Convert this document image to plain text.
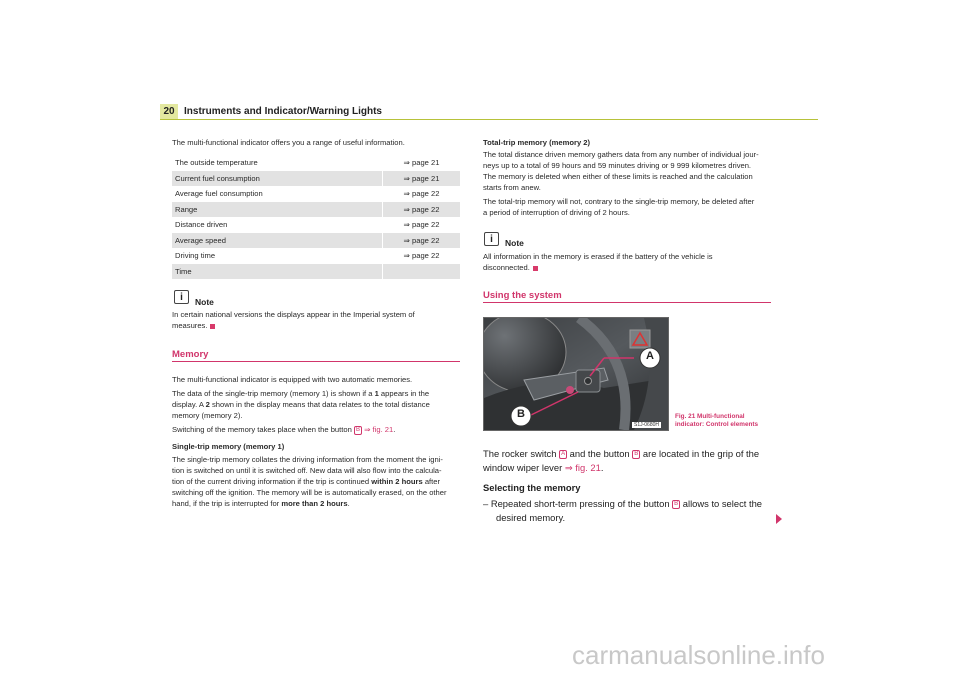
20 Instruments and Indicator/Warning Lights
The multi-functional indicator offers you a range of useful information.
The outside temperature	⇒ page 21
Current fuel consumption	⇒ page 21
Average fuel consumption	⇒ page 22
Range	⇒ page 22
Distance driven	⇒ page 22
Average speed	⇒ page 22
Driving time	⇒ page 22
Time
i	Note
In certain national versions the displays appear in the Imperial system of
measures.
Memory
The multi-functional indicator is equipped with two automatic memories.
The data of the single-trip memory (memory 1) is shown if a 1 appears in the
display. A 2 shown in the display means that data relates to the total distance
memory (memory 2).
Switching of the memory takes place when the button B ⇒ fig. 21.
Single-trip memory (memory 1)
The single-trip memory collates the driving information from the moment the igni-
tion is switched on until it is switched off. New data will also flow into the calcula-
tion of the current driving information if the trip is continued within 2 hours after
switching off the ignition. The memory will be is automatically erased, on the other
hand, if the trip is interrupted for more than 2 hours.
Total-trip memory (memory 2)
The total distance driven memory gathers data from any number of individual jour-
neys up to a total of 99 hours and 59 minutes driving or 9 999 kilometres driven.
The memory is deleted when either of these limits is reached and the calculation
starts from anew.
The total-trip memory will not, contrary to the single-trip memory, be deleted after
a period of interruption of driving of 2 hours.
i	Note
All information in the memory is erased if the battery of the vehicle is
disconnected.
Using the system
A
B
S1J-0680H
Fig. 21 Multi-functional
indicator: Control elements
The rocker switch A and the button B are located in the grip of the
window wiper lever ⇒ fig. 21.
Selecting the memory
– Repeated short-term pressing of the button B allows to select the
desired memory.
carmanualsonline.info
